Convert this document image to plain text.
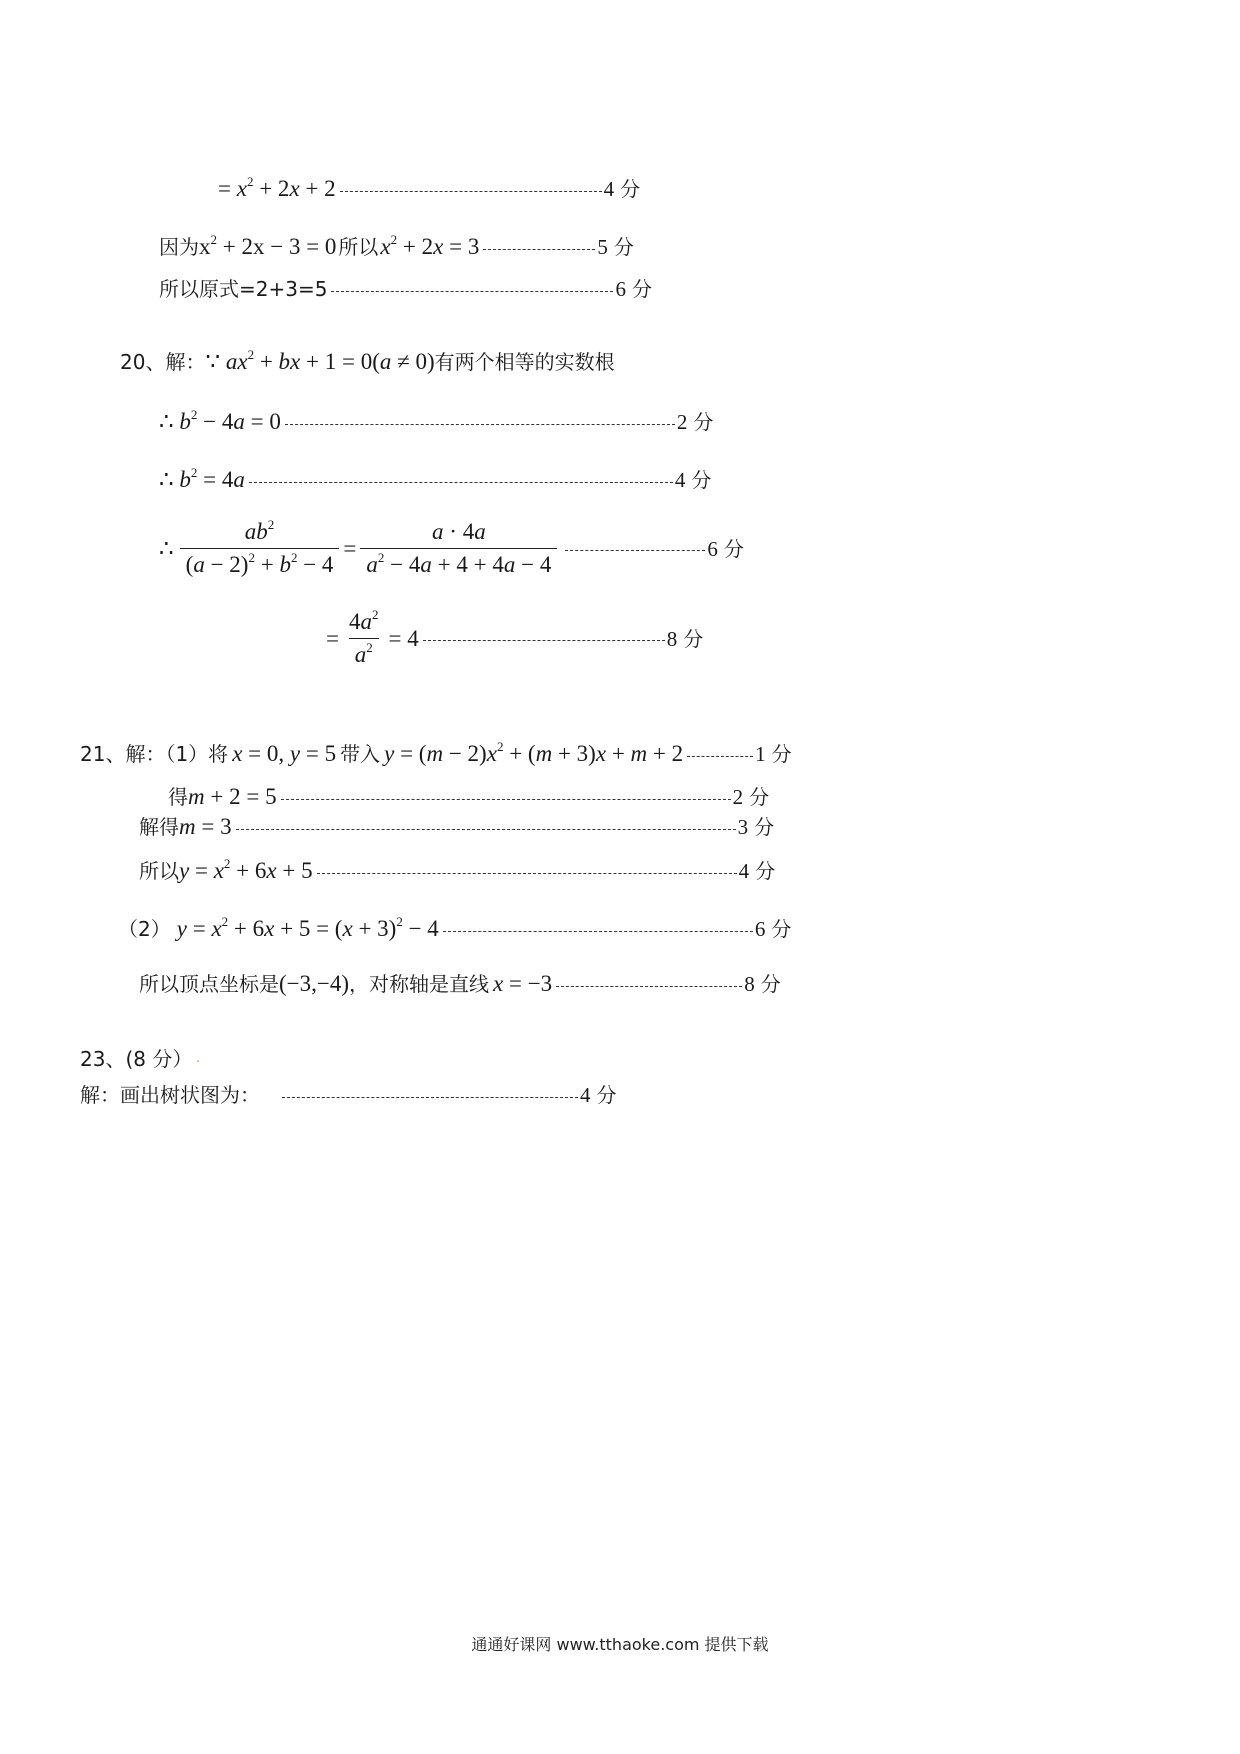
= $x^2 + 2x + 2$	4 分
因为 $x^2 + 2x - 3 = 0$ 所以 $x^2 + 2x = 3$	5 分
所以原式=2+3=5	6 分
20、解： ∵ $ax^2$ + bx + 1 = 0(a ≠ 0) 有两个相等的实数根
∴ $b^2 - 4a = 0$	2 分
∴ $b^2 = 4a$	4 分
∴ $\frac{ab^2}{(a - 2)^2 + b^2 - 4} = \frac{a \cdot 4a}{a^2 - 4a + 4 + 4a - 4}$	6 分
= $\frac{4a^2}{a^2} = 4$	8 分
21、解：（1）将 x = 0, y = 5 带入 $y = (m - 2)x^2 + (m + 3)x + m + 2$	1 分
得 m + 2 = 5	2 分
解得 m = 3	3 分
所以 $y = x^2 + 6x + 5$	4 分
（2） $y = x^2 + 6x + 5 = (x + 3)^2 - 4$	6 分
所以顶点坐标是 (−3,−4) ，对称轴是直线 x = −3	8 分
23、(8 分） .
解：画出树状图为：	4 分
通通好课网 www.tthaoke.com 提供下载
